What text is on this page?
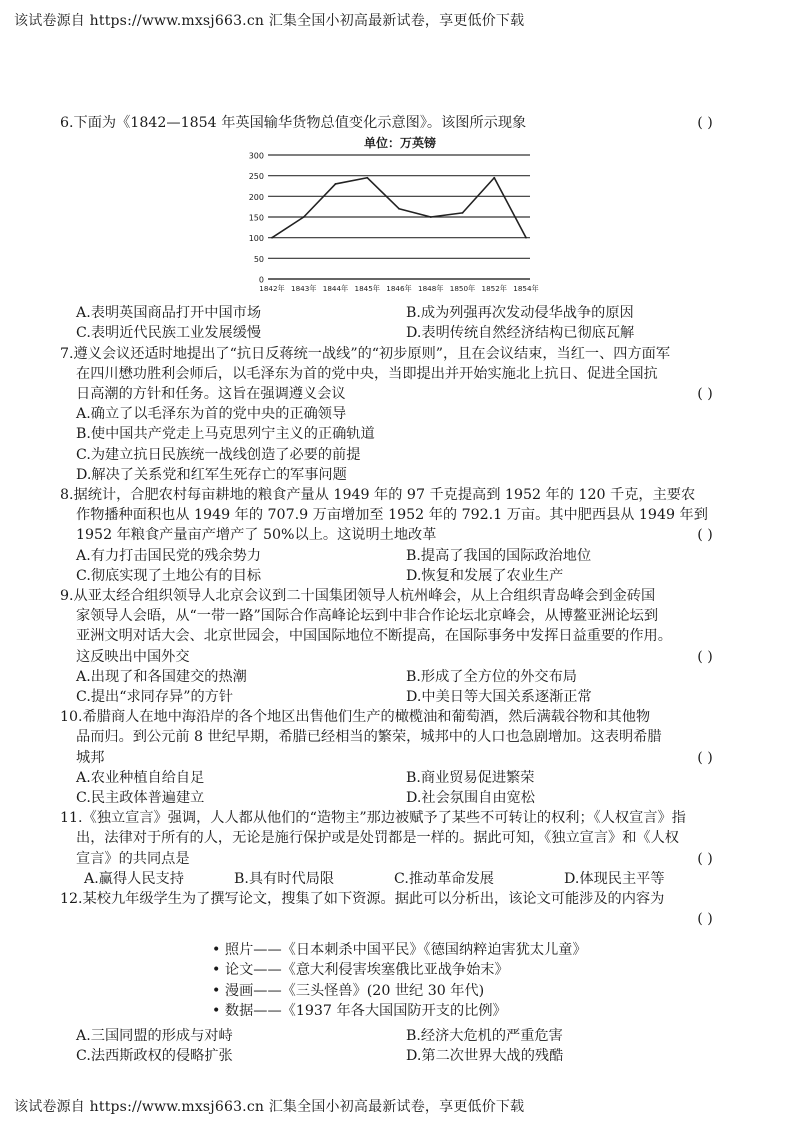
该试卷源自 https://www.mxsj663.cn 汇集全国小初高最新试卷，享更低价下载
( )
6.下面为《1842—1854 年英国输华货物总值变化示意图》。该图所示现象
单位：万英镑
0
50
100
150
200
250
300
1842年 1843年 1844年 1845年 1846年 1848年 1850年 1852年 1854年
A.表明英国商品打开中国市场	B.成为列强再次发动侵华战争的原因
C.表明近代民族工业发展缓慢	D.表明传统自然经济结构已彻底瓦解
7.遵义会议还适时地提出了“抗日反蒋统一战线”的“初步原则”，且在会议结束，当红一、四方面军
在四川懋功胜利会师后，以毛泽东为首的党中央，当即提出并开始实施北上抗日、促进全国抗
( )
日高潮的方针和任务。这旨在强调遵义会议
A.确立了以毛泽东为首的党中央的正确领导
B.使中国共产党走上马克思列宁主义的正确轨道
C.为建立抗日民族统一战线创造了必要的前提
D.解决了关系党和红军生死存亡的军事问题
8.据统计，合肥农村每亩耕地的粮食产量从 1949 年的 97 千克提高到 1952 年的 120 千克，主要农
作物播种面积也从 1949 年的 707.9 万亩增加至 1952 年的 792.1 万亩。其中肥西县从 1949 年到
( )
1952 年粮食产量亩产增产了 50%以上。这说明土地改革
A.有力打击国民党的残余势力	B.提高了我国的国际政治地位
C.彻底实现了土地公有的目标	D.恢复和发展了农业生产
9.从亚太经合组织领导人北京会议到二十国集团领导人杭州峰会，从上合组织青岛峰会到金砖国
家领导人会晤，从“一带一路”国际合作高峰论坛到中非合作论坛北京峰会，从博鳌亚洲论坛到
亚洲文明对话大会、北京世园会，中国国际地位不断提高，在国际事务中发挥日益重要的作用。
( )
这反映出中国外交
A.出现了和各国建交的热潮	B.形成了全方位的外交布局
C.提出“求同存异”的方针	D.中美日等大国关系逐渐正常
10.希腊商人在地中海沿岸的各个地区出售他们生产的橄榄油和葡萄酒，然后满载谷物和其他物
品而归。到公元前 8 世纪早期，希腊已经相当的繁荣，城邦中的人口也急剧增加。这表明希腊
( )
城邦
A.农业种植自给自足	B.商业贸易促进繁荣
C.民主政体普遍建立	D.社会氛围自由宽松
11.《独立宣言》强调，人人都从他们的“造物主”那边被赋予了某些不可转让的权利；《人权宣言》指
出，法律对于所有的人，无论是施行保护或是处罚都是一样的。据此可知，《独立宣言》和《人权
( )
宣言》的共同点是
A.赢得人民支持	B.具有时代局限	C.推动革命发展	D.体现民主平等
12.某校九年级学生为了撰写论文，搜集了如下资源。据此可以分析出，该论文可能涉及的内容为
( )
• 照片——《日本刺杀中国平民》《德国纳粹迫害犹太儿童》
• 论文——《意大利侵害埃塞俄比亚战争始末》
• 漫画——《三头怪兽》(20 世纪 30 年代)
• 数据——《1937 年各大国国防开支的比例》
A.三国同盟的形成与对峙	B.经济大危机的严重危害
C.法西斯政权的侵略扩张	D.第二次世界大战的残酷
该试卷源自 https://www.mxsj663.cn 汇集全国小初高最新试卷，享更低价下载
